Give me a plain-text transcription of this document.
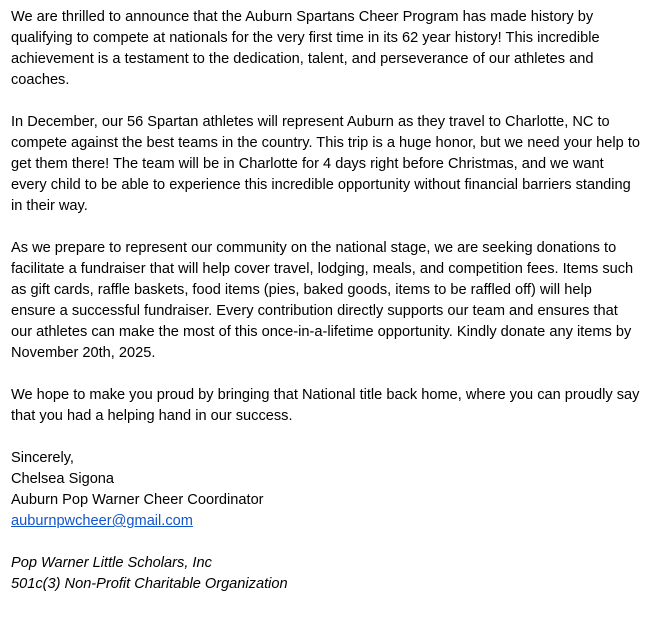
We are thrilled to announce that the Auburn Spartans Cheer Program has made history by qualifying to compete at nationals for the very first time in its 62 year history! This incredible achievement is a testament to the dedication, talent, and perseverance of our athletes and coaches.

In December, our 56 Spartan athletes will represent Auburn as they travel to Charlotte, NC to compete against the best teams in the country. This trip is a huge honor, but we need your help to get them there! The team will be in Charlotte for 4 days right before Christmas, and we want every child to be able to experience this incredible opportunity without financial barriers standing in their way.

As we prepare to represent our community on the national stage, we are seeking donations to facilitate a fundraiser that will help cover travel, lodging, meals, and competition fees. Items such as gift cards, raffle baskets, food items (pies, baked goods, items to be raffled off) will help ensure a successful fundraiser. Every contribution directly supports our team and ensures that our athletes can make the most of this once-in-a-lifetime opportunity. Kindly donate any items by November 20th, 2025.

We hope to make you proud by bringing that National title back home, where you can proudly say that you had a helping hand in our success.

Sincerely,
Chelsea Sigona
Auburn Pop Warner Cheer Coordinator
auburnpwcheer@gmail.com
Pop Warner Little Scholars, Inc
501c(3) Non-Profit Charitable Organization
